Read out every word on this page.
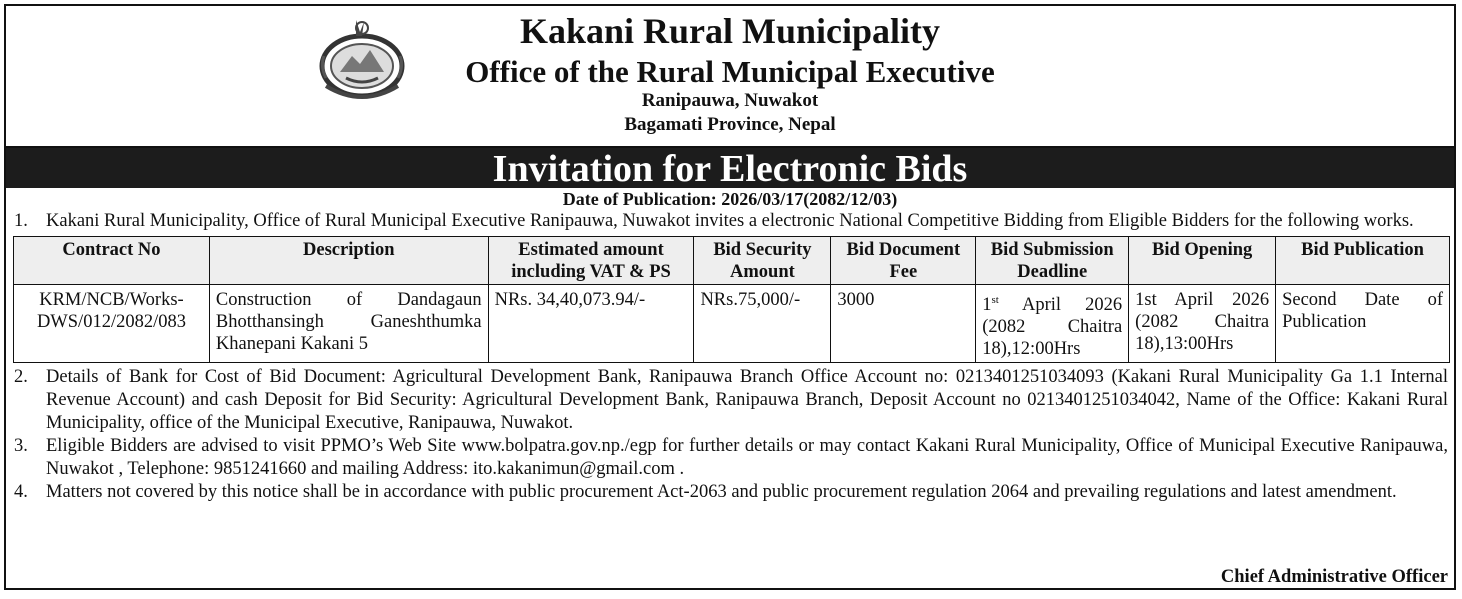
Kakani Rural Municipality
Office of the Rural Municipal Executive
Ranipauwa, Nuwakot
Bagamati Province, Nepal
Invitation for Electronic Bids
Date of Publication: 2026/03/17(2082/12/03)
1. Kakani Rural Municipality, Office of Rural Municipal Executive Ranipauwa, Nuwakot invites a electronic National Competitive Bidding from Eligible Bidders for the following works.
Contract No	Description	Estimated amount including VAT & PS	Bid Security Amount	Bid Document Fee	Bid Submission Deadline	Bid Opening	Bid Publication
KRM/NCB/Works-DWS/012/2082/083	Construction of Dandagaun Bhotthansingh Ganeshthumka Khanepani Kakani 5	NRs. 34,40,073.94/-	NRs.75,000/-	3000	1st April 2026 (2082 Chaitra 18),12:00Hrs	1st April 2026 (2082 Chaitra 18),13:00Hrs	Second Date of Publication
2. Details of Bank for Cost of Bid Document: Agricultural Development Bank, Ranipauwa Branch Office Account no: 0213401251034093 (Kakani Rural Municipality Ga 1.1 Internal Revenue Account) and cash Deposit for Bid Security: Agricultural Development Bank, Ranipauwa Branch, Deposit Account no 0213401251034042, Name of the Office: Kakani Rural Municipality, office of the Municipal Executive, Ranipauwa, Nuwakot.
3. Eligible Bidders are advised to visit PPMO’s Web Site www.bolpatra.gov.np./egp for further details or may contact Kakani Rural Municipality, Office of Municipal Executive Ranipauwa, Nuwakot , Telephone: 9851241660 and mailing Address: ito.kakanimun@gmail.com .
4. Matters not covered by this notice shall be in accordance with public procurement Act-2063 and public procurement regulation 2064 and prevailing regulations and latest amendment.
Chief Administrative Officer
